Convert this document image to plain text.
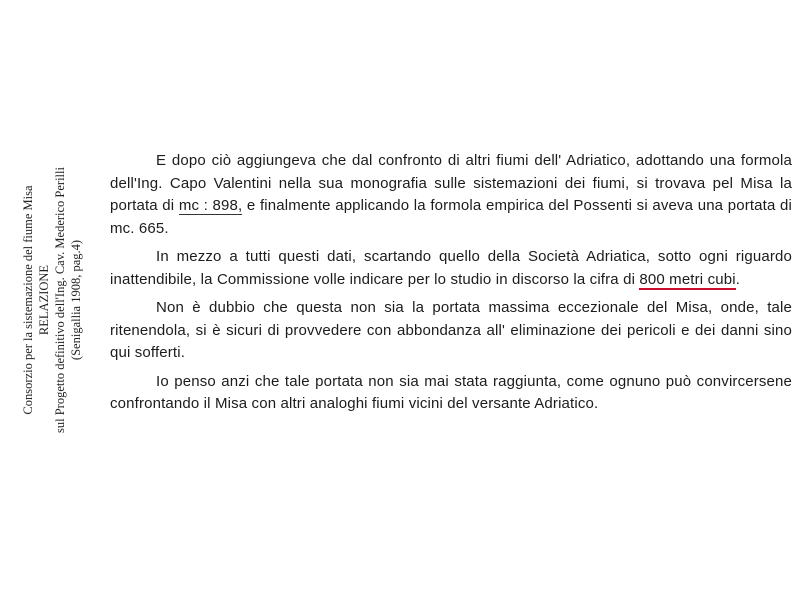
Consorzio per la sistemazione del fiume Misa RELAZIONE sul Progetto definitivo dell'Ing. Cav. Mederico Perilli (Senigallia 1908, pag.4)

E dopo ciò aggiungeva che dal confronto di altri fiumi dell' Adriatico, adottando una formola dell'Ing. Capo Valentini nella sua monografia sulle sistemazioni dei fiumi, si trovava pel Misa la portata di mc : 898, e finalmente applicando la formola empirica del Possenti si aveva una portata di mc. 665.

In mezzo a tutti questi dati, scartando quello della Società Adriatica, sotto ogni riguardo inattendibile, la Commissione volle indicare per lo studio in discorso la cifra di 800 metri cubi.

Non è dubbio che questa non sia la portata massima eccezionale del Misa, onde, tale ritenendola, si è sicuri di provvedere con abbondanza all' eliminazione dei pericoli e dei danni sino qui sofferti.

Io penso anzi che tale portata non sia mai stata raggiunta, come ognuno può convircersene confrontando il Misa con altri analoghi fiumi vicini del versante Adriatico.
